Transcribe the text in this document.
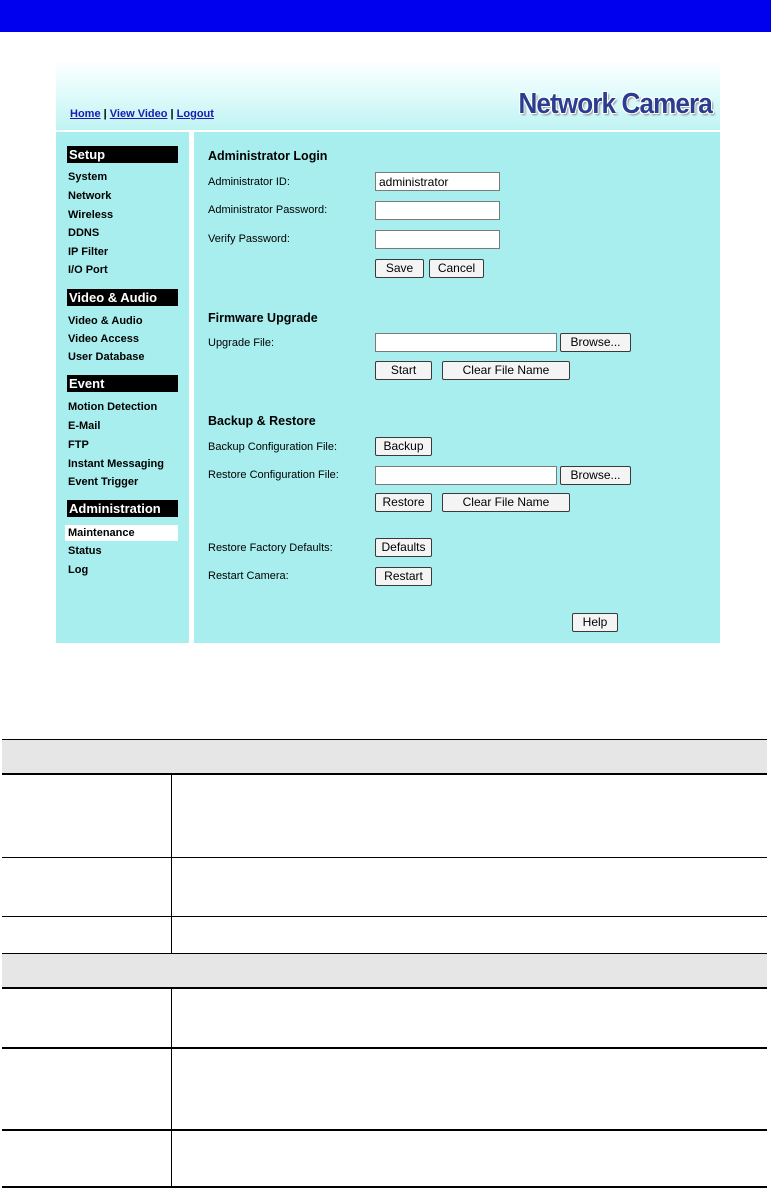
Home | View Video | Logout	Network Camera
Setup
System
Network
Wireless
DDNS
IP Filter
I/O Port
Video & Audio
Video & Audio
Video Access
User Database
Event
Motion Detection
E-Mail
FTP
Instant Messaging
Event Trigger
Administration
Maintenance
Status
Log
Administrator Login
Administrator ID:
administrator
Administrator Password:
Verify Password:
Save	Cancel
Firmware Upgrade
Upgrade File:	Browse...
Start	Clear File Name
Backup & Restore
Backup Configuration File:	Backup
Restore Configuration File:	Browse...
Restore	Clear File Name
Restore Factory Defaults:	Defaults
Restart Camera:	Restart
Help
